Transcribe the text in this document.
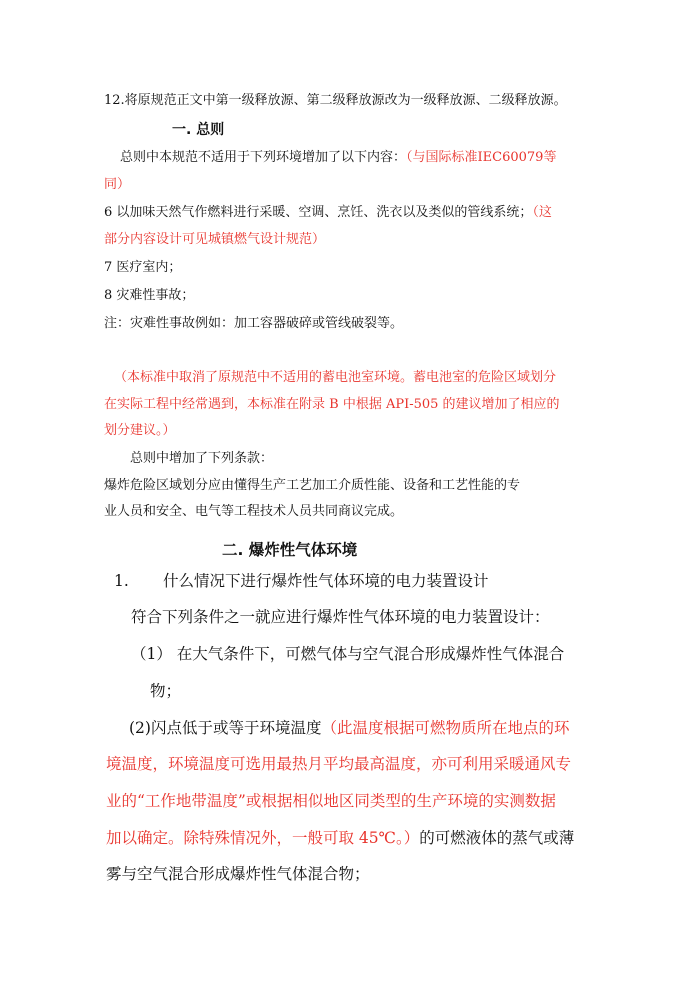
12.将原规范正文中第一级释放源、第二级释放源改为一级释放源、二级释放源。
一. 总则
总则中本规范不适用于下列环境增加了以下内容：（与国际标准IEC60079等
同）
6 以加味天然气作燃料进行采暖、空调、烹饪、洗衣以及类似的管线系统；（这
部分内容设计可见城镇燃气设计规范）
7 医疗室内；
8 灾难性事故；
注：灾难性事故例如：加工容器破碎或管线破裂等。
（本标准中取消了原规范中不适用的蓄电池室环境。蓄电池室的危险区域划分
在实际工程中经常遇到，本标准在附录 B 中根据 API-505 的建议增加了相应的
划分建议。）
总则中增加了下列条款：
爆炸危险区域划分应由懂得生产工艺加工介质性能、设备和工艺性能的专
业人员和安全、电气等工程技术人员共同商议完成。
二. 爆炸性气体环境
1. 什么情况下进行爆炸性气体环境的电力装置设计
符合下列条件之一就应进行爆炸性气体环境的电力装置设计：
（1） 在大气条件下，可燃气体与空气混合形成爆炸性气体混合
物；
(2)闪点低于或等于环境温度（此温度根据可燃物质所在地点的环
境温度，环境温度可选用最热月平均最高温度，亦可利用采暖通风专
业的“工作地带温度”或根据相似地区同类型的生产环境的实测数据
加以确定。除特殊情况外，一般可取 45℃。）的可燃液体的蒸气或薄
雾与空气混合形成爆炸性气体混合物；
